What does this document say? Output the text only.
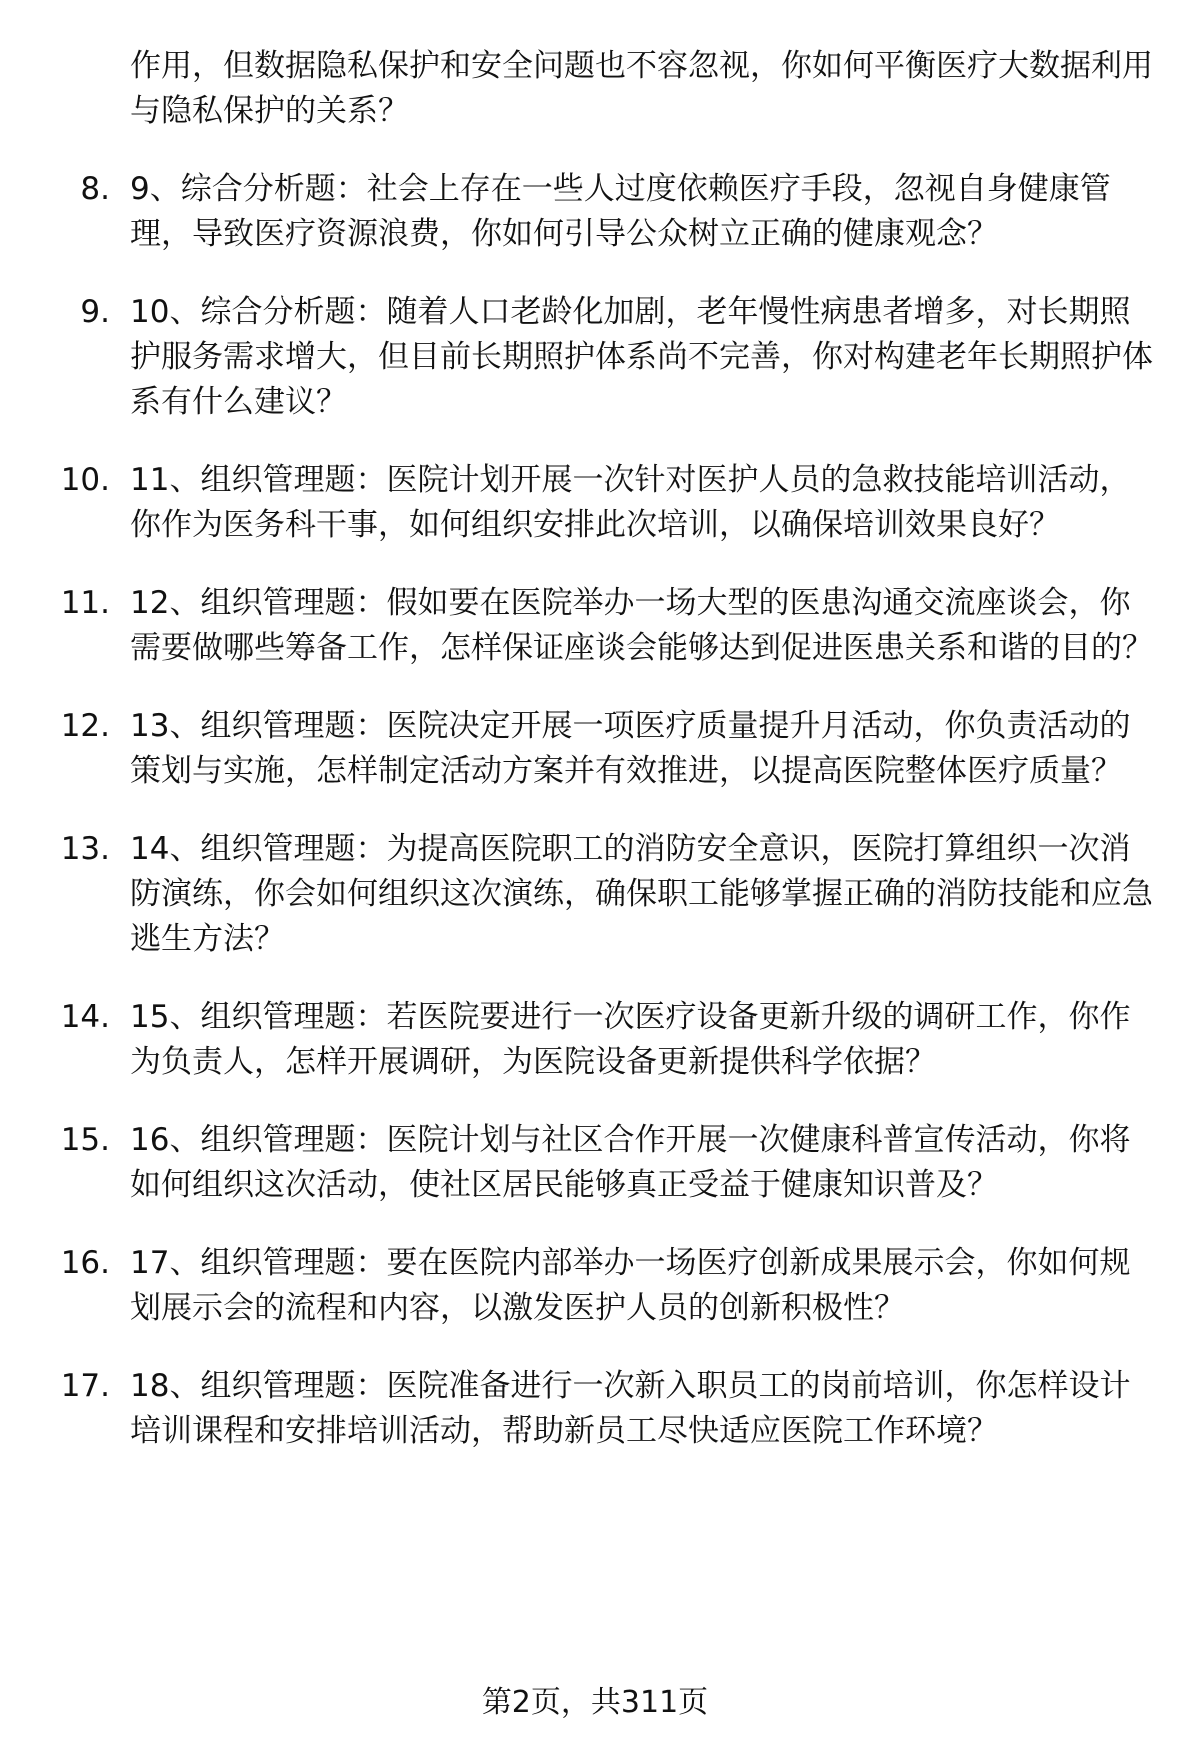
作用，但数据隐私保护和安全问题也不容忽视，你如何平衡医疗大数据利用与隐私保护的关系？
8. 9、综合分析题：社会上存在一些人过度依赖医疗手段，忽视自身健康管理，导致医疗资源浪费，你如何引导公众树立正确的健康观念？
9. 10、综合分析题：随着人口老龄化加剧，老年慢性病患者增多，对长期照护服务需求增大，但目前长期照护体系尚不完善，你对构建老年长期照护体系有什么建议？
10. 11、组织管理题：医院计划开展一次针对医护人员的急救技能培训活动，你作为医务科干事，如何组织安排此次培训，以确保培训效果良好？
11. 12、组织管理题：假如要在医院举办一场大型的医患沟通交流座谈会，你需要做哪些筹备工作，怎样保证座谈会能够达到促进医患关系和谐的目的？
12. 13、组织管理题：医院决定开展一项医疗质量提升月活动，你负责活动的策划与实施，怎样制定活动方案并有效推进，以提高医院整体医疗质量？
13. 14、组织管理题：为提高医院职工的消防安全意识，医院打算组织一次消防演练，你会如何组织这次演练，确保职工能够掌握正确的消防技能和应急逃生方法？
14. 15、组织管理题：若医院要进行一次医疗设备更新升级的调研工作，你作为负责人，怎样开展调研，为医院设备更新提供科学依据？
15. 16、组织管理题：医院计划与社区合作开展一次健康科普宣传活动，你将如何组织这次活动，使社区居民能够真正受益于健康知识普及？
16. 17、组织管理题：要在医院内部举办一场医疗创新成果展示会，你如何规划展示会的流程和内容，以激发医护人员的创新积极性？
17. 18、组织管理题：医院准备进行一次新入职员工的岗前培训，你怎样设计培训课程和安排培训活动，帮助新员工尽快适应医院工作环境？
第2页，共311页
